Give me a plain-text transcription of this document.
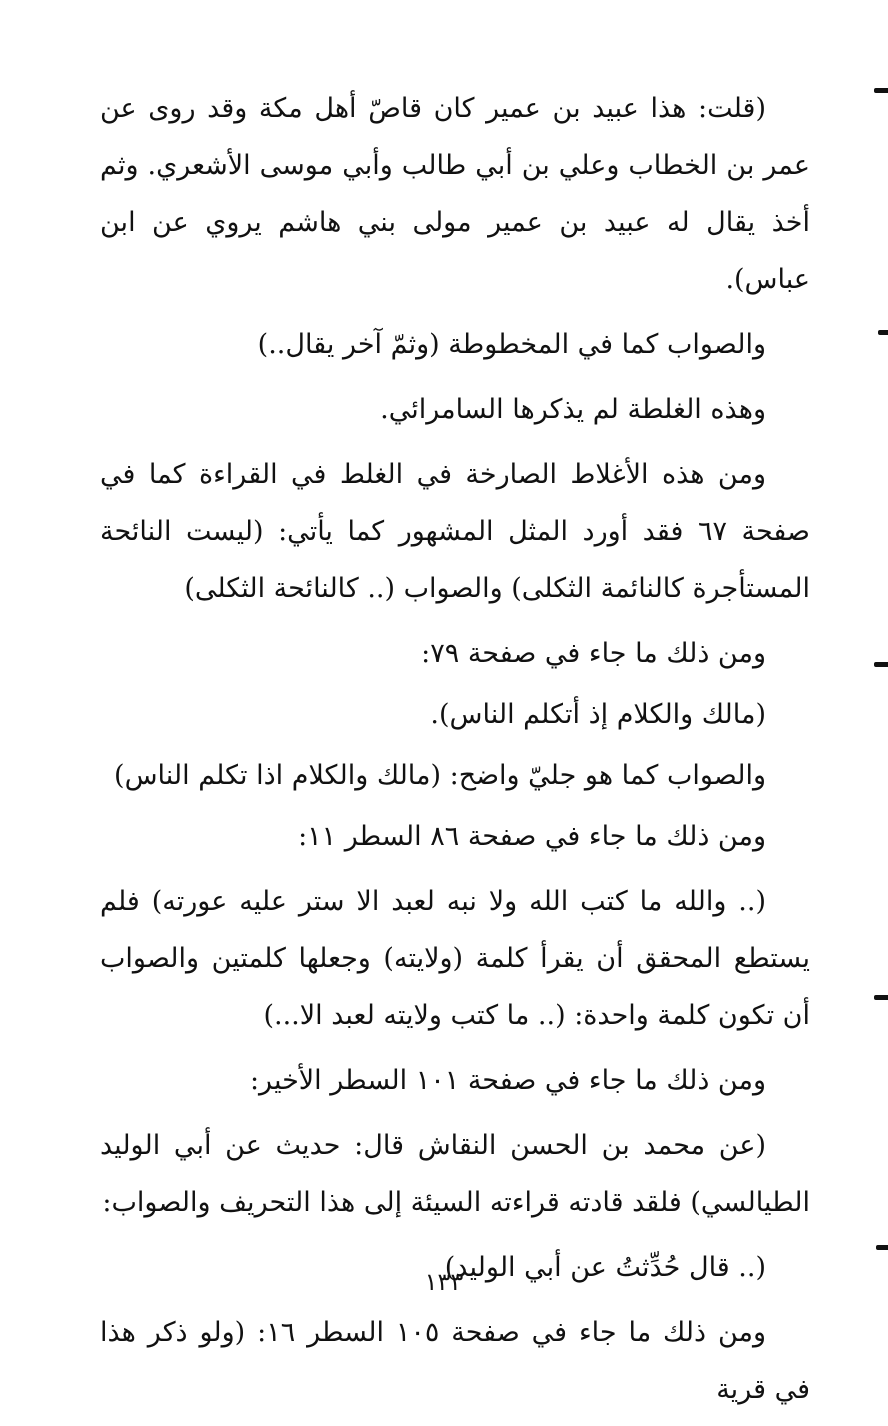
(قلت: هذا عبيد بن عمير كان قاصّ أهل مكة وقد روى عن عمر بن الخطاب وعلي بن أبي طالب وأبي موسى الأشعري. وثم أخذ يقال له عبيد بن عمير مولى بني هاشم يروي عن ابن عباس).

والصواب كما في المخطوطة (وثمّ آخر يقال..)

وهذه الغلطة لم يذكرها السامرائي.

ومن هذه الأغلاط الصارخة في الغلط في القراءة كما في صفحة ٦٧ فقد أورد المثل المشهور كما يأتي: (ليست النائحة المستأجرة كالنائمة الثكلى) والصواب (.. كالنائحة الثكلى)

ومن ذلك ما جاء في صفحة ٧٩:

(مالك والكلام إذ أتكلم الناس).

والصواب كما هو جليّ واضح: (مالك والكلام اذا تكلم الناس)

ومن ذلك ما جاء في صفحة ٨٦ السطر ١١:

(.. والله ما كتب الله ولا نبه لعبد الا ستر عليه عورته) فلم يستطع المحقق أن يقرأ كلمة (ولايته) وجعلها كلمتين والصواب أن تكون كلمة واحدة: (.. ما كتب ولايته لعبد الا...)

ومن ذلك ما جاء في صفحة ١٠١ السطر الأخير:

(عن محمد بن الحسن النقاش قال: حديث عن أبي الوليد الطيالسي) فلقد قادته قراءته السيئة إلى هذا التحريف والصواب:

(.. قال حُدِّثتُ عن أبي الوليد)

ومن ذلك ما جاء في صفحة ١٠٥ السطر ١٦: (ولو ذكر هذا في قرية

١٣٣
